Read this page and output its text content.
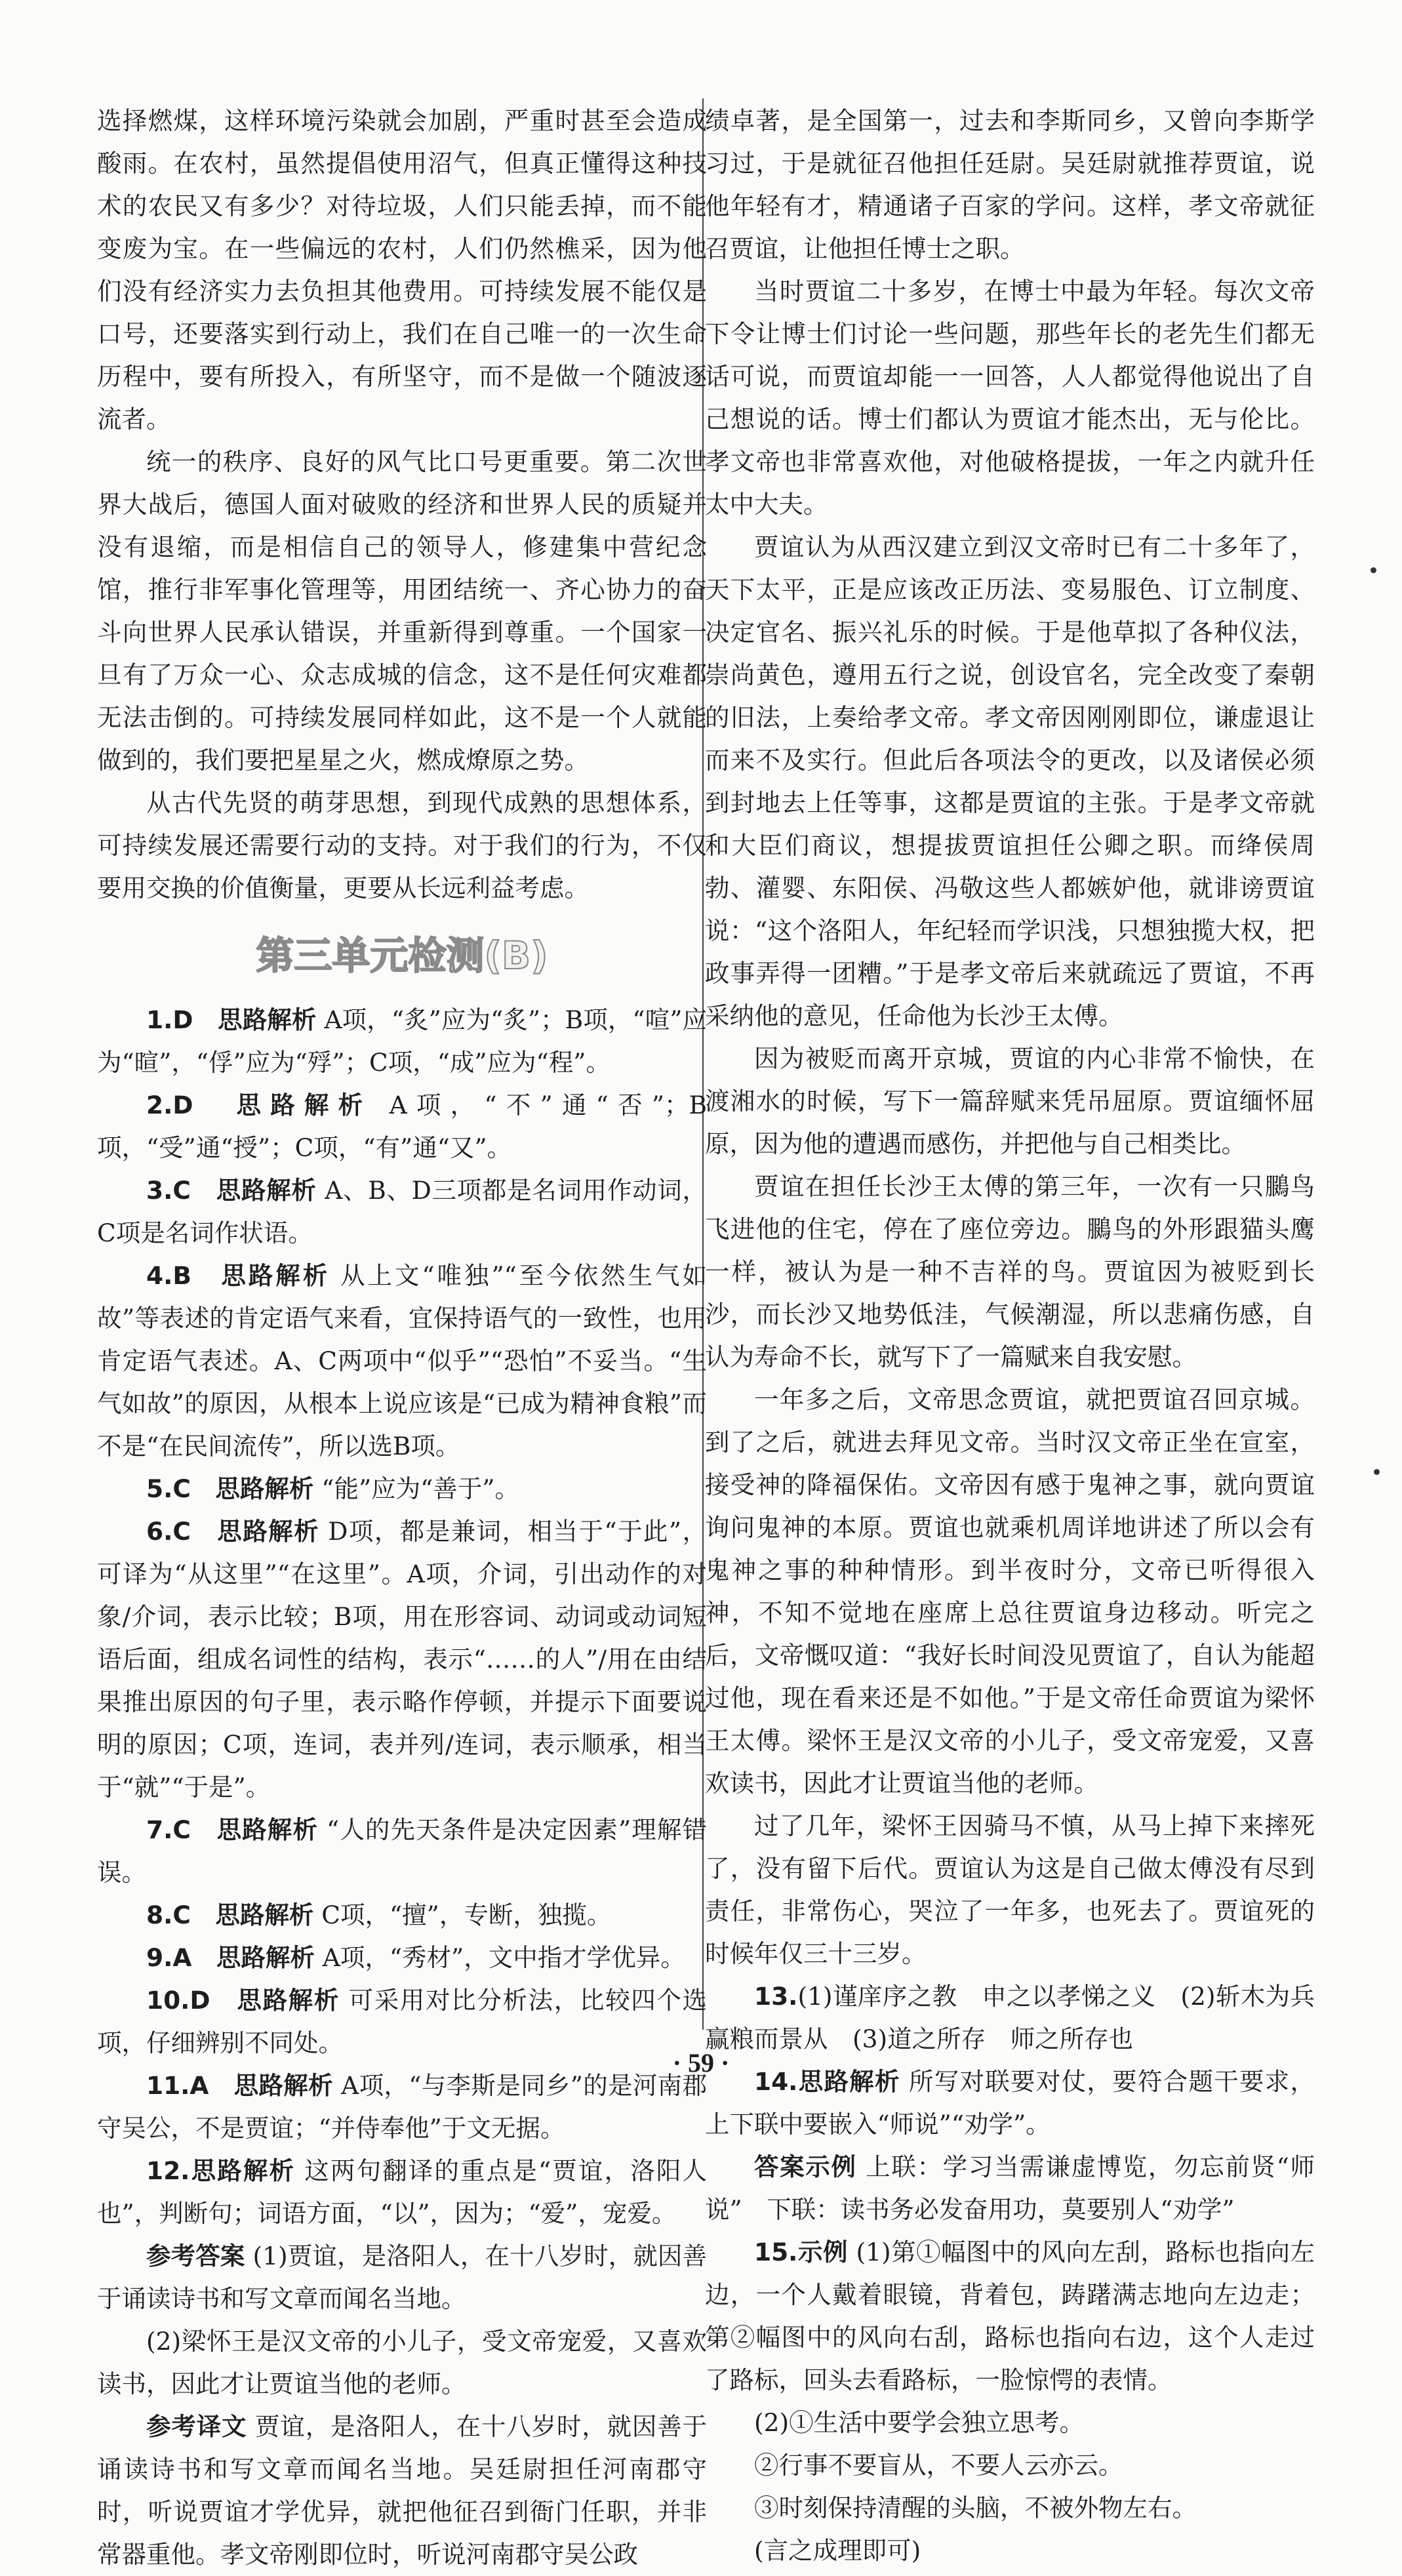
选择燃煤，这样环境污染就会加剧，严重时甚至会造成酸雨。在农村，虽然提倡使用沼气，但真正懂得这种技术的农民又有多少？对待垃圾，人们只能丢掉，而不能变废为宝。在一些偏远的农村，人们仍然樵采，因为他们没有经济实力去负担其他费用。可持续发展不能仅是口号，还要落实到行动上，我们在自己唯一的一次生命历程中，要有所投入，有所坚守，而不是做一个随波逐流者。

统一的秩序、良好的风气比口号更重要。第二次世界大战后，德国人面对破败的经济和世界人民的质疑并没有退缩，而是相信自己的领导人，修建集中营纪念馆，推行非军事化管理等，用团结统一、齐心协力的奋斗向世界人民承认错误，并重新得到尊重。一个国家一旦有了万众一心、众志成城的信念，这不是任何灾难都无法击倒的。可持续发展同样如此，这不是一个人就能做到的，我们要把星星之火，燃成燎原之势。

从古代先贤的萌芽思想，到现代成熟的思想体系，可持续发展还需要行动的支持。对于我们的行为，不仅要用交换的价值衡量，更要从长远利益考虑。

第三单元检测(B)

1.D　 思路解析 A项，“炙”应为“炙”；B项，“喧”应为“暄”，“俘”应为“殍”；C项，“成”应为“程”。

2.D　 思路解析 A项，“不”通“否”；B项，“受”通“授”；C项，“有”通“又”。

3.C　 思路解析 A、B、D三项都是名词用作动词，C项是名词作状语。

4.B　 思路解析 从上文“唯独”“至今依然生气如故”等表述的肯定语气来看，宜保持语气的一致性，也用肯定语气表述。A、C两项中“似乎”“恐怕”不妥当。“生气如故”的原因，从根本上说应该是“已成为精神食粮”而不是“在民间流传”，所以选B项。

5.C　 思路解析 “能”应为“善于”。

6.C　 思路解析 D项，都是兼词，相当于“于此”，可译为“从这里”“在这里”。A项，介词，引出动作的对象/介词，表示比较；B项，用在形容词、动词或动词短语后面，组成名词性的结构，表示“……的人”/用在由结果推出原因的句子里，表示略作停顿，并提示下面要说明的原因；C项，连词，表并列/连词，表示顺承，相当于“就”“于是”。

7.C　 思路解析 “人的先天条件是决定因素”理解错误。

8.C　 思路解析 C项，“擅”，专断，独揽。

9.A　 思路解析 A项，“秀材”，文中指才学优异。

10.D　 思路解析 可采用对比分析法，比较四个选项，仔细辨别不同处。

11.A　 思路解析 A项，“与李斯是同乡”的是河南郡守吴公，不是贾谊；“并侍奉他”于文无据。

12.思路解析 这两句翻译的重点是“贾谊，洛阳人也”，判断句；词语方面，“以”，因为；“爱”，宠爱。

参考答案 (1)贾谊，是洛阳人，在十八岁时，就因善于诵读诗书和写文章而闻名当地。

(2)梁怀王是汉文帝的小儿子，受文帝宠爱，又喜欢读书，因此才让贾谊当他的老师。

参考译文 贾谊，是洛阳人，在十八岁时，就因善于诵读诗书和写文章而闻名当地。吴廷尉担任河南郡守时，听说贾谊才学优异，就把他征召到衙门任职，并非常器重他。孝文帝刚即位时，听说河南郡守吴公政

绩卓著，是全国第一，过去和李斯同乡，又曾向李斯学习过，于是就征召他担任廷尉。吴廷尉就推荐贾谊，说他年轻有才，精通诸子百家的学问。这样，孝文帝就征召贾谊，让他担任博士之职。

当时贾谊二十多岁，在博士中最为年轻。每次文帝下令让博士们讨论一些问题，那些年长的老先生们都无话可说，而贾谊却能一一回答，人人都觉得他说出了自己想说的话。博士们都认为贾谊才能杰出，无与伦比。孝文帝也非常喜欢他，对他破格提拔，一年之内就升任太中大夫。

贾谊认为从西汉建立到汉文帝时已有二十多年了，天下太平，正是应该改正历法、变易服色、订立制度、决定官名、振兴礼乐的时候。于是他草拟了各种仪法，崇尚黄色，遵用五行之说，创设官名，完全改变了秦朝的旧法，上奏给孝文帝。孝文帝因刚刚即位，谦虚退让而来不及实行。但此后各项法令的更改，以及诸侯必须到封地去上任等事，这都是贾谊的主张。于是孝文帝就和大臣们商议，想提拔贾谊担任公卿之职。而绛侯周勃、灌婴、东阳侯、冯敬这些人都嫉妒他，就诽谤贾谊说：“这个洛阳人，年纪轻而学识浅，只想独揽大权，把政事弄得一团糟。”于是孝文帝后来就疏远了贾谊，不再采纳他的意见，任命他为长沙王太傅。

因为被贬而离开京城，贾谊的内心非常不愉快，在渡湘水的时候，写下一篇辞赋来凭吊屈原。贾谊缅怀屈原，因为他的遭遇而感伤，并把他与自己相类比。

贾谊在担任长沙王太傅的第三年，一次有一只鵩鸟飞进他的住宅，停在了座位旁边。鵩鸟的外形跟猫头鹰一样，被认为是一种不吉祥的鸟。贾谊因为被贬到长沙，而长沙又地势低洼，气候潮湿，所以悲痛伤感，自认为寿命不长，就写下了一篇赋来自我安慰。

一年多之后，文帝思念贾谊，就把贾谊召回京城。到了之后，就进去拜见文帝。当时汉文帝正坐在宣室，接受神的降福保佑。文帝因有感于鬼神之事，就向贾谊询问鬼神的本原。贾谊也就乘机周详地讲述了所以会有鬼神之事的种种情形。到半夜时分，文帝已听得很入神，不知不觉地在座席上总往贾谊身边移动。听完之后，文帝慨叹道：“我好长时间没见贾谊了，自认为能超过他，现在看来还是不如他。”于是文帝任命贾谊为梁怀王太傅。梁怀王是汉文帝的小儿子，受文帝宠爱，又喜欢读书，因此才让贾谊当他的老师。

过了几年，梁怀王因骑马不慎，从马上掉下来摔死了，没有留下后代。贾谊认为这是自己做太傅没有尽到责任，非常伤心，哭泣了一年多，也死去了。贾谊死的时候年仅三十三岁。

13.(1)谨庠序之教　申之以孝悌之义　(2)斩木为兵　赢粮而景从　(3)道之所存　师之所存也

14.思路解析 所写对联要对仗，要符合题干要求，上下联中要嵌入“师说”“劝学”。

答案示例 上联：学习当需谦虚博览，勿忘前贤“师说”　下联：读书务必发奋用功，莫要别人“劝学”

15.示例 (1)第①幅图中的风向左刮，路标也指向左边，一个人戴着眼镜，背着包，踌躇满志地向左边走；第②幅图中的风向右刮，路标也指向右边，这个人走过了路标，回头去看路标，一脸惊愕的表情。

(2)①生活中要学会独立思考。

②行事不要盲从，不要人云亦云。

③时刻保持清醒的头脑，不被外物左右。

(言之成理即可)

· 59 ·
